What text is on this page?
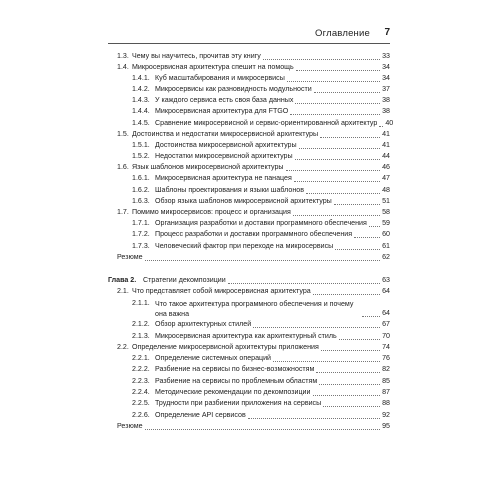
Оглавление 7
1.3. Чему вы научитесь, прочитав эту книгу	33
1.4. Микросервисная архитектура спешит на помощь	34
1.4.1. Куб масштабирования и микросервисы	34
1.4.2. Микросервисы как разновидность модульности	37
1.4.3. У каждого сервиса есть своя база данных	38
1.4.4. Микросервисная архитектура для FTGO	38
1.4.5. Сравнение микросервисной и сервис-ориентированной архитектур 40
1.5. Достоинства и недостатки микросервисной архитектуры	41
1.5.1. Достоинства микросервисной архитектуры	41
1.5.2. Недостатки микросервисной архитектуры	44
1.6. Язык шаблонов микросервисной архитектуры	46
1.6.1. Микросервисная архитектура не панацея	47
1.6.2. Шаблоны проектирования и языки шаблонов	48
1.6.3. Обзор языка шаблонов микросервисной архитектуры	51
1.7. Помимо микросервисов: процесс и организация	58
1.7.1. Организация разработки и доставки программного обеспечения 59
1.7.2. Процесс разработки и доставки программного обеспечения	60
1.7.3. Человеческий фактор при переходе на микросервисы	61
Резюме	62
Глава 2. Стратегии декомпозиции	63
2.1. Что представляет собой микросервисная архитектура	64
2.1.1. Что такое архитектура программного обеспечения и почему она важна	64
2.1.2. Обзор архитектурных стилей	67
2.1.3. Микросервисная архитектура как архитектурный стиль	70
2.2. Определение микросервисной архитектуры приложения	74
2.2.1. Определение системных операций	76
2.2.2. Разбиение на сервисы по бизнес-возможностям	82
2.2.3. Разбиение на сервисы по проблемным областям	85
2.2.4. Методические рекомендации по декомпозиции	87
2.2.5. Трудности при разбиении приложения на сервисы	88
2.2.6. Определение API сервисов	92
Резюме	95
